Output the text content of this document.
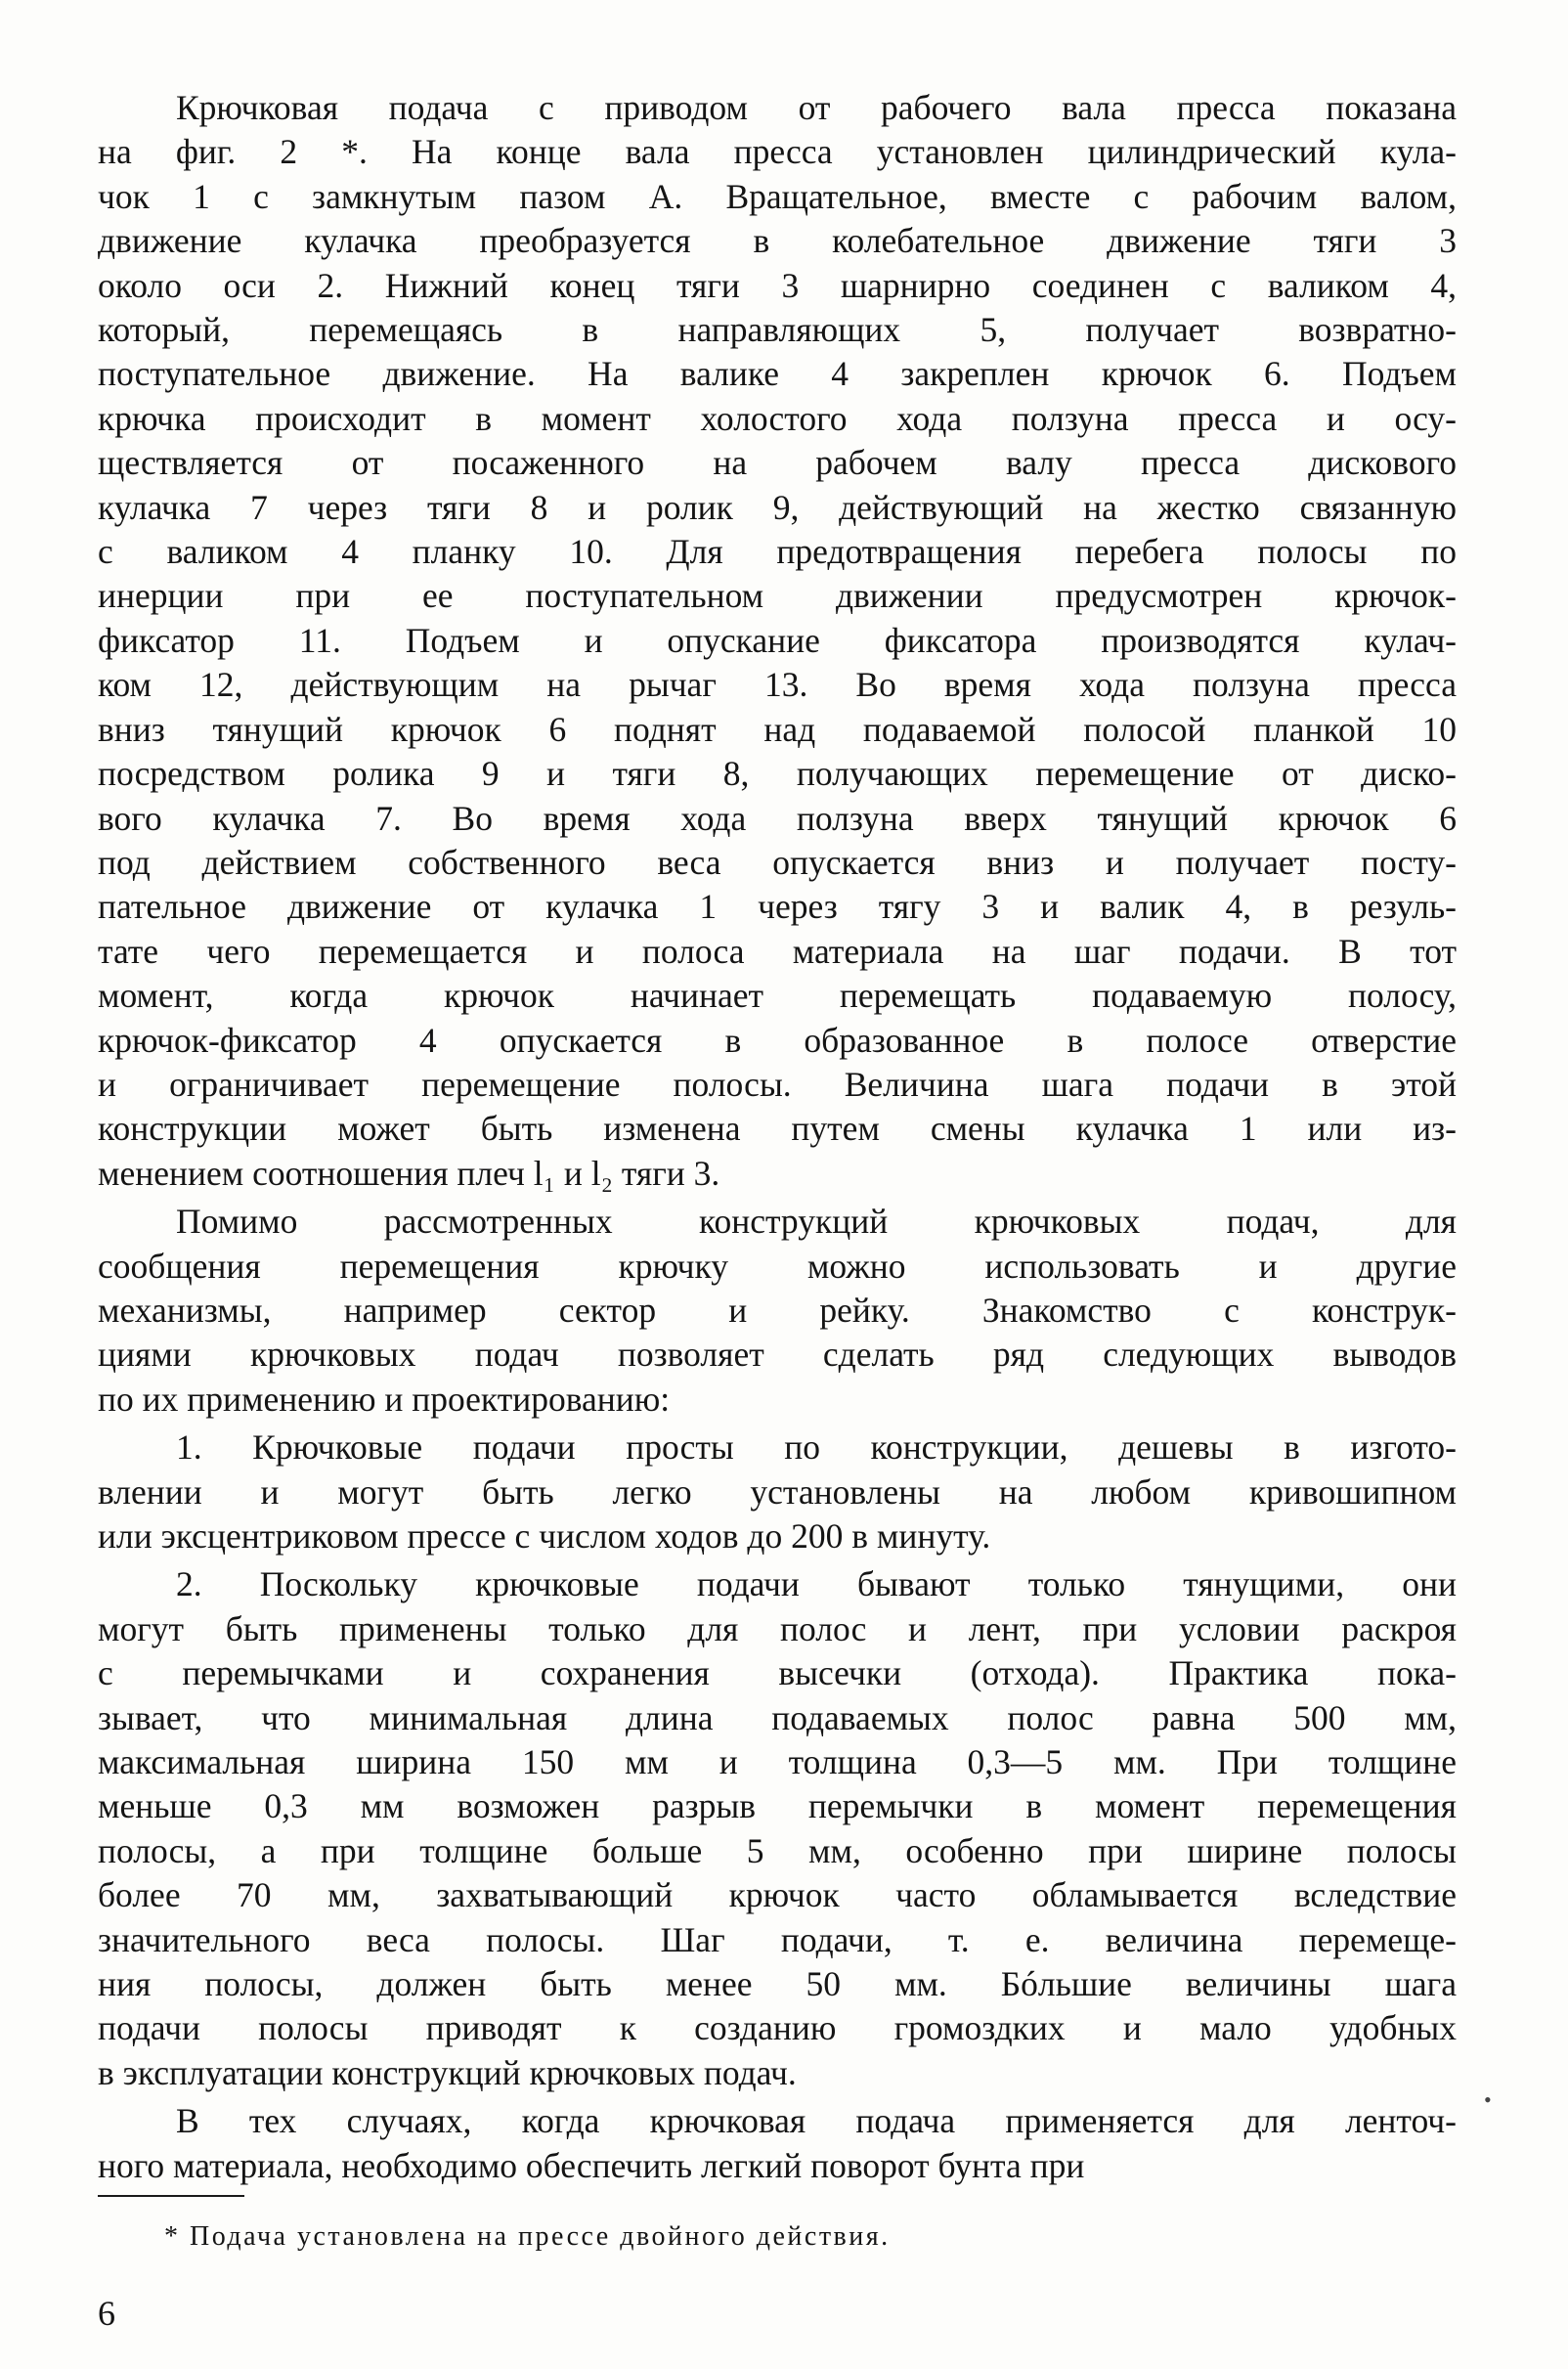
Крючковая подача с приводом от рабочего вала пресса показана
на фиг. 2 *. На конце вала пресса установлен цилиндрический кула-
чок 1 с замкнутым пазом А. Вращательное, вместе с рабочим валом,
движение кулачка преобразуется в колебательное движение тяги 3
около оси 2. Нижний конец тяги 3 шарнирно соединен с валиком 4,
который, перемещаясь в направляющих 5, получает возвратно-
поступательное движение. На валике 4 закреплен крючок 6. Подъем
крючка происходит в момент холостого хода ползуна пресса и осу-
ществляется от посаженного на рабочем валу пресса дискового
кулачка 7 через тяги 8 и ролик 9, действующий на жестко связанную
с валиком 4 планку 10. Для предотвращения перебега полосы по
инерции при ее поступательном движении предусмотрен крючок-
фиксатор 11. Подъем и опускание фиксатора производятся кулач-
ком 12, действующим на рычаг 13. Во время хода ползуна пресса
вниз тянущий крючок 6 поднят над подаваемой полосой планкой 10
посредством ролика 9 и тяги 8, получающих перемещение от диско-
вого кулачка 7. Во время хода ползуна вверх тянущий крючок 6
под действием собственного веса опускается вниз и получает посту-
пательное движение от кулачка 1 через тягу 3 и валик 4, в резуль-
тате чего перемещается и полоса материала на шаг подачи. В тот
момент, когда крючок начинает перемещать подаваемую полосу,
крючок-фиксатор 4 опускается в образованное в полосе отверстие
и ограничивает перемещение полосы. Величина шага подачи в этой
конструкции может быть изменена путем смены кулачка 1 или из-
менением соотношения плеч l₁ и l₂ тяги 3.

Помимо рассмотренных конструкций крючковых подач, для
сообщения перемещения крючку можно использовать и другие
механизмы, например сектор и рейку. Знакомство с конструк-
циями крючковых подач позволяет сделать ряд следующих выводов
по их применению и проектированию:

1. Крючковые подачи просты по конструкции, дешевы в изгото-
влении и могут быть легко установлены на любом кривошипном
или эксцентриковом прессе с числом ходов до 200 в минуту.

2. Поскольку крючковые подачи бывают только тянущими, они
могут быть применены только для полос и лент, при условии раскроя
с перемычками и сохранения высечки (отхода). Практика пока-
зывает, что минимальная длина подаваемых полос равна 500 мм,
максимальная ширина 150 мм и толщина 0,3—5 мм. При толщине
меньше 0,3 мм возможен разрыв перемычки в момент перемещения
полосы, а при толщине больше 5 мм, особенно при ширине полосы
более 70 мм, захватывающий крючок часто обламывается вследствие
значительного веса полосы. Шаг подачи, т. е. величина перемеще-
ния полосы, должен быть менее 50 мм. Бóльшие величины шага
подачи полосы приводят к созданию громоздких и мало удобных
в эксплуатации конструкций крючковых подач.

В тех случаях, когда крючковая подача применяется для ленточ-
ного материала, необходимо обеспечить легкий поворот бунта при

* Подача установлена на прессе двойного действия.
6
•
